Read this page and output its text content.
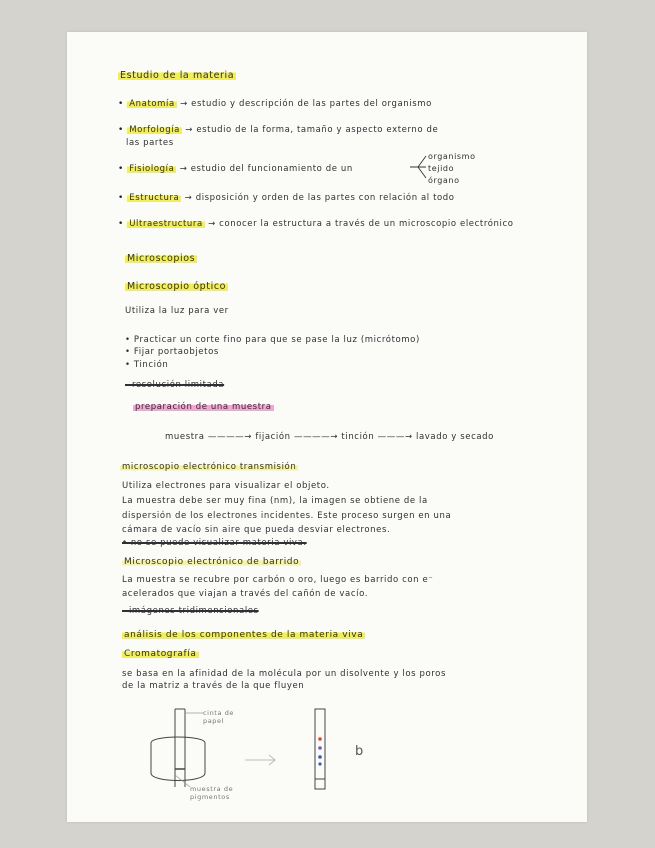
Estudio de la materia
• Anatomía → estudio y descripción de las partes del organismo
• Morfología → estudio de la forma, tamaño y aspecto externo de
las partes
• Fisiología → estudio del funcionamiento de un
organismo
tejido
órgano
• Estructura → disposición y orden de las partes con relación al todo
• Ultraestructura → conocer la estructura a través de un microscopio electrónico
Microscopios
Microscopio óptico
Utiliza la luz para ver
• Practicar un corte fino para que se pase la luz (micrótomo)
• Fijar portaobjetos
• Tinción
- resolución limitada
preparación de una muestra
muestra ————→ fijación ————→ tinción ———→ lavado y secado
microscopio electrónico transmisión
Utiliza electrones para visualizar el objeto.
La muestra debe ser muy fina (nm), la imagen se obtiene de la
dispersión de los electrones incidentes. Este proceso surgen en una
cámara de vacío sin aire que pueda desviar electrones.
• no se puede visualizar materia viva.
Microscopio electrónico de barrido
La muestra se recubre por carbón o oro, luego es barrido con e⁻
acelerados que viajan a través del cañón de vacío.
- imágenes tridimensionales
análisis de los componentes de la materia viva
Cromatografía
se basa en la afinidad de la molécula por un disolvente y los poros
de la matriz a través de la que fluyen
cinta de papel
muestra de pigmentos
b
